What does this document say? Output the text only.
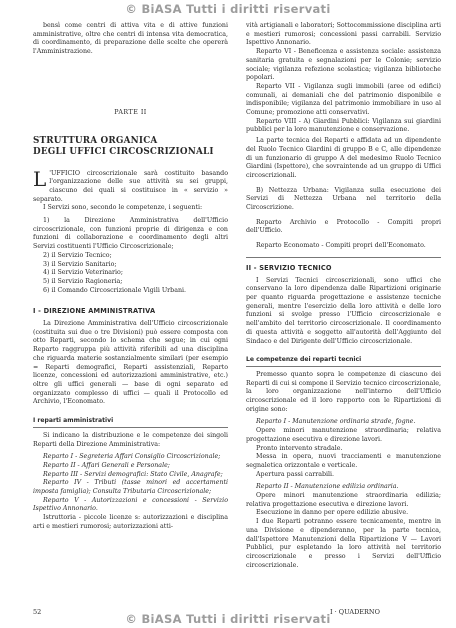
© BiASA Tutti i diritti riservati

bensì come centri di attiva vita e di attive funzioni amministrative, oltre che centri di intensa vita democratica, di coordinamento, di preparazione delle scelte che opererà l'Amministrazione.

PARTE II
STRUTTURA ORGANICA
DEGLI UFFICI CIRCOSCRIZIONALI

L 'UFFICIO circoscrizionale sarà costituito basando l'organizzazione delle sue attività su sei gruppi, ciascuno dei quali si costituisce in « servizio » separato.

I Servizi sono, secondo le competenze, i seguenti:

1) la Direzione Amministrativa dell'Ufficio circoscrizionale, con funzioni proprie di dirigenza e con funzioni di collaborazione e coordinamento degli altri Servizi costituenti l'Ufficio Circoscrizionale;

2) il Servizio Tecnico;

3) il Servizio Sanitario;

4) il Servizio Veterinario;

5) il Servizio Ragioneria;

6) il Comando Circoscrizionale Vigili Urbani.

I - DIREZIONE AMMINISTRATIVA

La Direzione Amministrativa dell'Ufficio circoscrizionale (costituita sui due o tre Divisioni) può essere composta con otto Reparti, secondo lo schema che segue; in cui ogni Reparto raggruppa più attività riferibili ad una disciplina che riguarda materie sostanzialmente similari (per esempio = Reparti demografici, Reparti assistenziali, Reparto licenze, concessioni ed autorizzazioni amministrative, etc.) oltre gli uffici generali — base di ogni separato ed organizzato complesso di uffici — quali il Protocollo ed Archivio, l'Economato.

I reparti amministrativi

Si indicano la distribuzione e le competenze dei singoli Reparti della Direzione Amministrativa:

Reparto I - Segreteria Affari Consiglio Circoscrizionale;

Reparto II - Affari Generali e Personale;

Reparto III - Servizi demografici: Stato Civile, Anagrafe;

Reparto IV - Tributi (tasse minori ed accertamenti imposta famiglia); Consulta Tributaria Circoscrizionale;

Reparto V - Autorizzazioni e concessioni - Servizio Ispettivo Annonario.

Istruttoria - piccole licenze s: autorizzazioni e disciplina arti e mestieri rumorosi; autorizzazioni atti-

vità artigianali e laboratori; Sottocommissione disciplina arti e mestieri rumorosi; concessioni passi carrabili. Servizio Ispettivo Annonario.

Reparto VI - Beneficenza e assistenza sociale: assistenza sanitaria gratuita e segnalazioni per le Colonie; servizio sociale; vigilanza refezione scolastica; vigilanza biblioteche popolari.

Reparto VII - Vigilanza sugli immobili (aree od edifici) comunali, ai demaniali che del patrimonio disponibile e indisponibile; vigilanza del patrimonio immobiliare in uso al Comune; promozione atti conservativi.

Reparto VIII - A) Giardini Pubblici: Vigilanza sui giardini pubblici per la loro manutenzione e conservazione.

La parte tecnica dei Reparti e affidata ad un dipendente del Ruolo Tecnico Giardini di gruppo B e C, alle dipendenze di un funzionario di gruppo A del medesimo Ruolo Tecnico Giardini (Ispettore), che sovraintende ad un gruppo di Uffici circoscrizionali.

B) Nettezza Urbana: Vigilanza sulla esecuzione dei Servizi di Nettezza Urbana nel territorio della Circoscrizione.

Reparto Archivio e Protocollo - Compiti propri dell'Ufficio.

Reparto Economato - Compiti propri dell'Economato.

II - SERVIZIO TECNICO

I Servizi Tecnici circoscrizionali, sono uffici che conservano la loro dipendenza dalle Ripartizioni originarie per quanto riguarda progettazione e assistenze tecniche generali, mentre l'esercizio della loro attività e delle loro funzioni si svolge presso l'Ufficio circoscrizionale e nell'ambito del territorio circoscrizionale. Il coordinamento di questa attività e soggetto all'autorità dell'Aggiunto del Sindaco e del Dirigente dell'Ufficio circoscrizionale.

Le competenze dei reparti tecnici

Premesso quanto sopra le competenze di ciascuno dei Reparti di cui si compone il Servizio tecnico circoscrizionale, la loro organizzazione nell'interno dell'Ufficio circoscrizionale ed il loro rapporto con le Ripartizioni di origine sono:

Reparto I - Manutenzione ordinaria strade, fogne.

Opere minori manutenzione straordinaria; relativa progettazione esecutiva e direzione lavori.

Pronto intervento stradale.

Messa in opera, nuovi tracciamenti e manutenzione segnaletica orizzontale e verticale.

Apertura passi carrabili.

Reparto II - Manutenzione edilizia ordinaria.

Opere minori manutenzione straordinaria edilizia; relativa progettazione esecutiva e direzione lavori.

Esecuzione in danno per opere edilizie abusive.

I due Reparti potranno essere tecnicamente, mentre in una Divisione e dipenderanno, per la parte tecnica, dall'Ispettore Manutenzioni della Ripartizione V — Lavori Pubblici, pur espletando la loro attività nel territorio circoscrizionale e presso i Servizi dell'Ufficio circoscrizionale.

52	I · QUADERNO
© BiASA Tutti i diritti riservati
